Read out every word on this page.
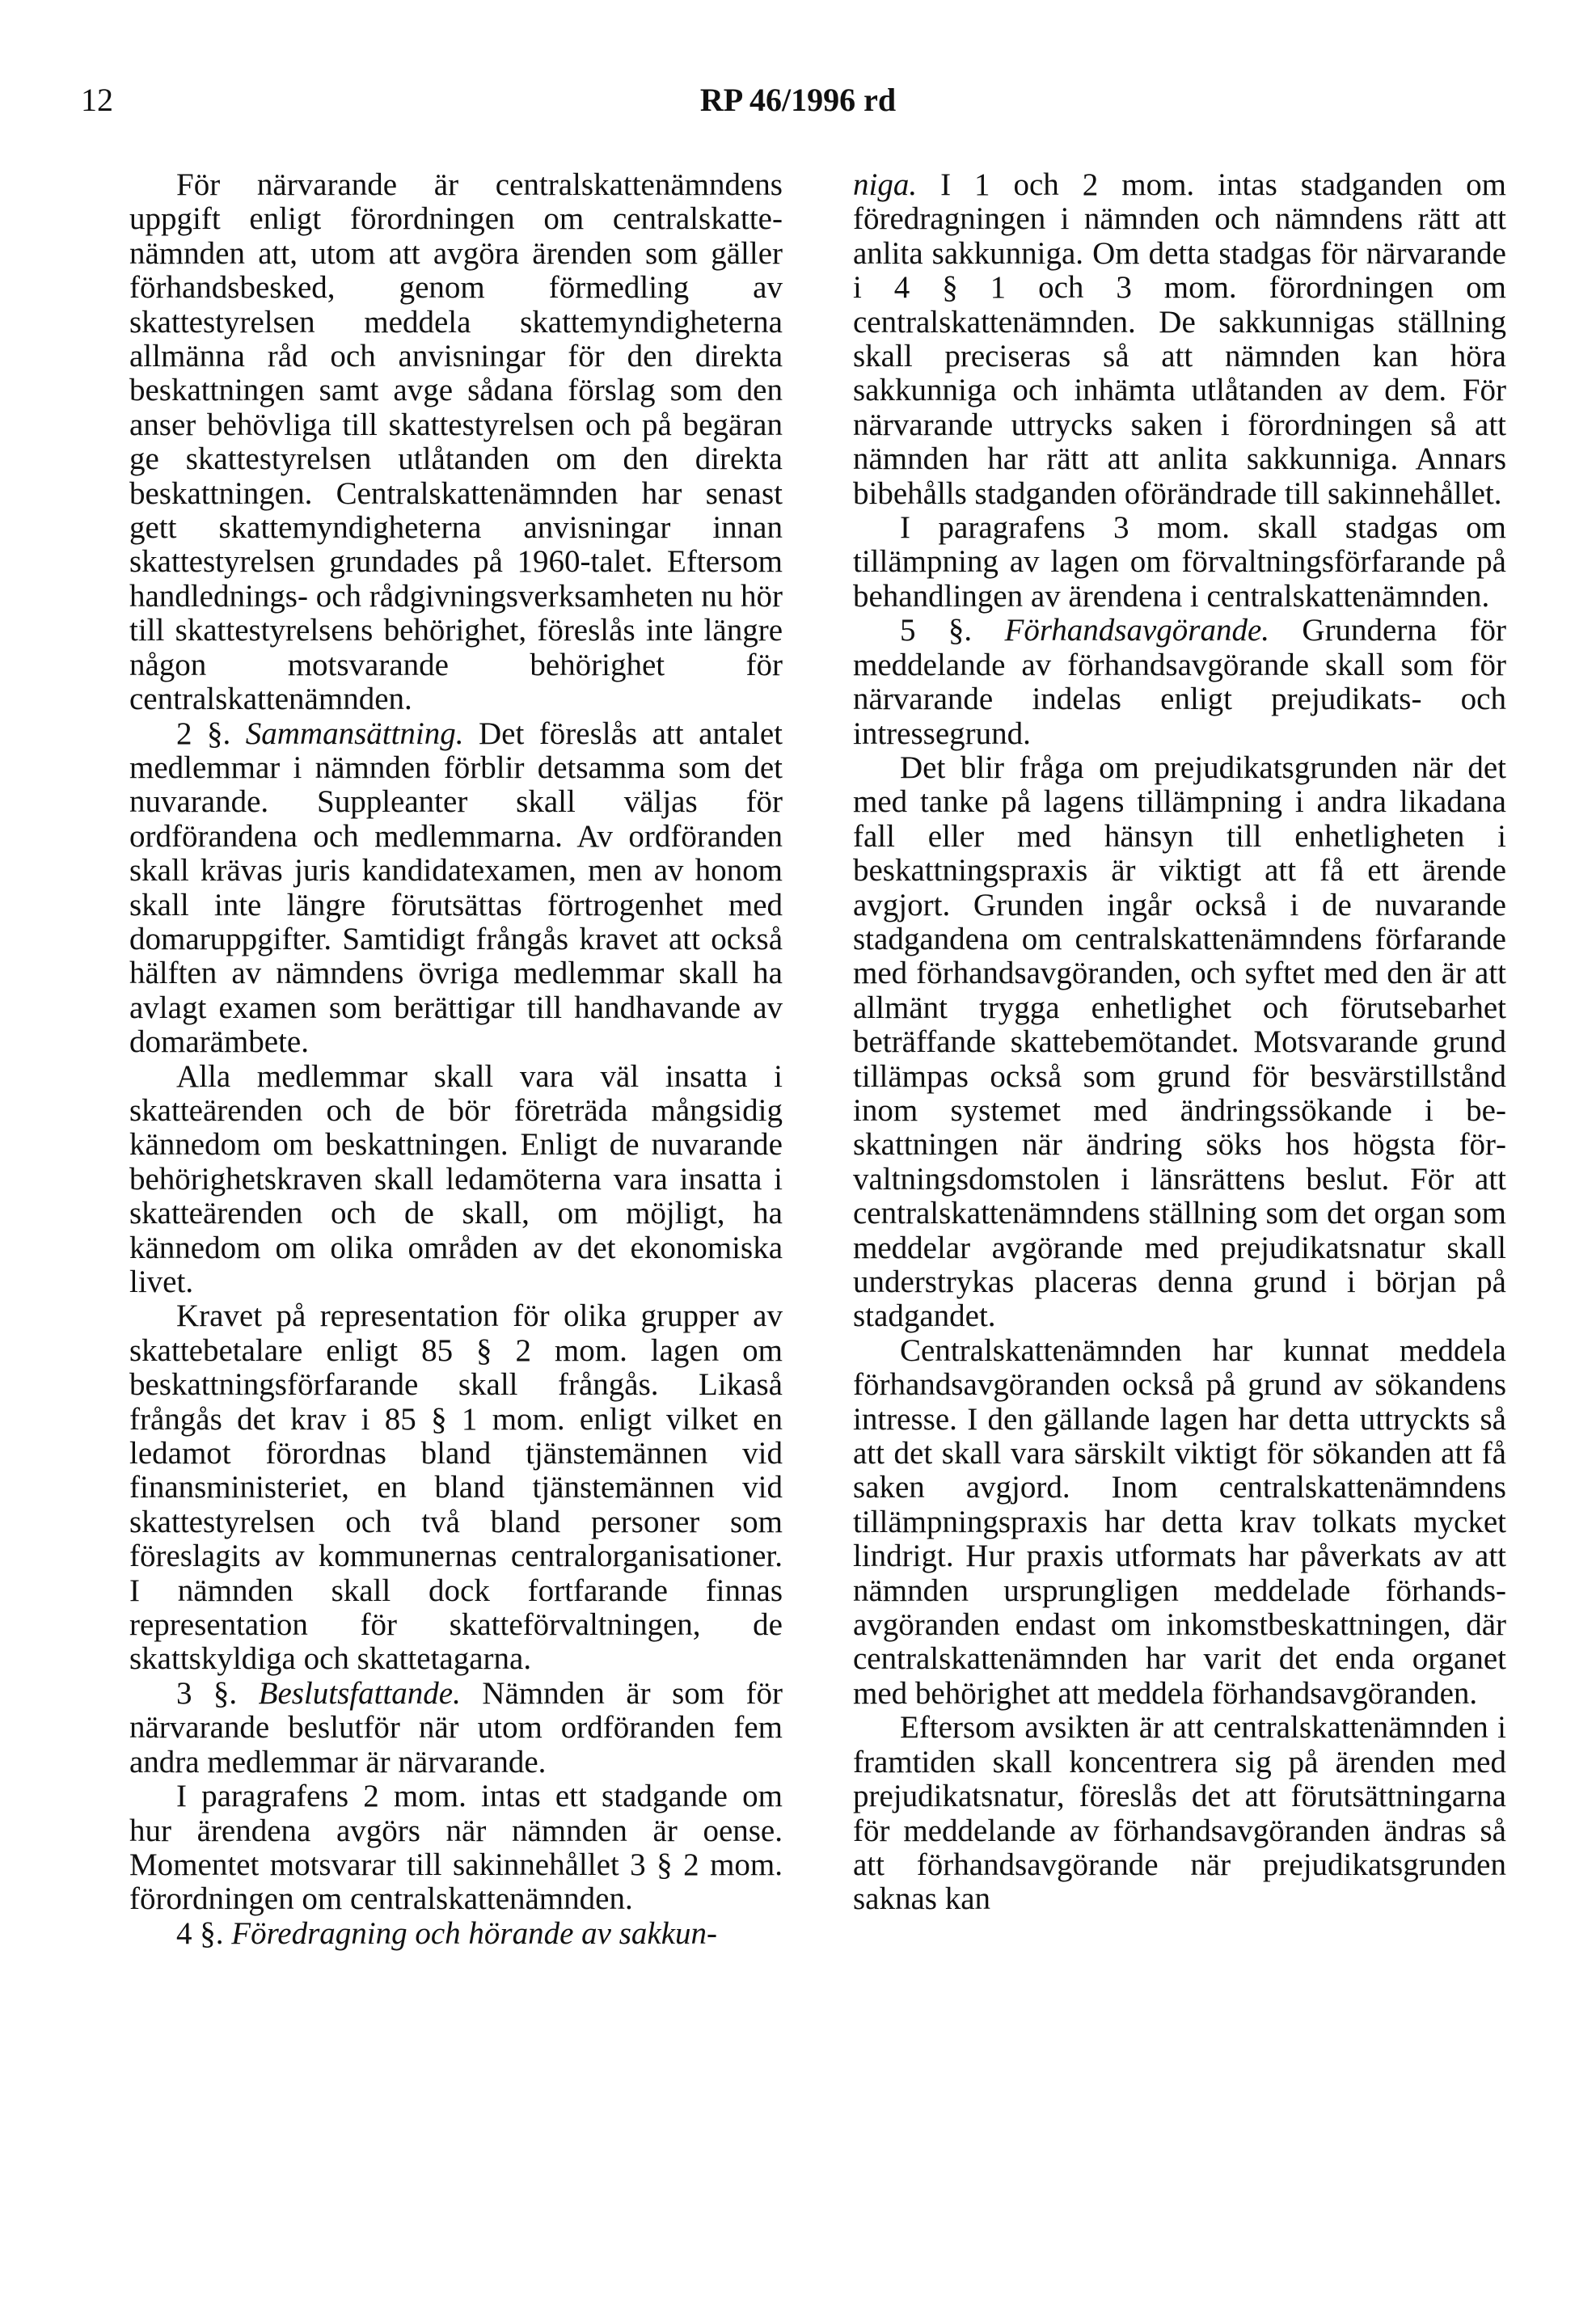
12	RP 46/1996 rd

För närvarande är centralskattenämndens uppgift enligt förordningen om centralskattenämnden att, utom att avgöra ärenden som gäller förhandsbesked, genom förmedling av skattestyrelsen meddela skattemyndigheterna allmänna råd och anvisningar för den direkta beskattningen samt avge sådana förslag som den anser behövliga till skattestyrelsen och på begäran ge skattestyrelsen utlåtanden om den direkta beskattningen. Centralskattenämnden har senast gett skattemyndigheterna anvisningar innan skattestyrelsen grundades på 1960-talet. Eftersom handlednings- och rådgivningsverksamheten nu hör till skattestyrelsens behörighet, föreslås inte längre någon motsvarande behörighet för centralskattenämnden.

2 §. Sammansättning. Det föreslås att antalet medlemmar i nämnden förblir detsamma som det nuvarande. Suppleanter skall väljas för ordförandena och medlemmarna. Av ordföranden skall krävas juris kandidatexamen, men av honom skall inte längre förutsättas förtrogenhet med domaruppgifter. Samtidigt frångås kravet att också hälften av nämndens övriga medlemmar skall ha avlagt examen som berättigar till handhavande av domarämbete.

Alla medlemmar skall vara väl insatta i skatteärenden och de bör företräda mångsidig kännedom om beskattningen. Enligt de nuvarande behörighetskraven skall ledamöterna vara insatta i skatteärenden och de skall, om möjligt, ha kännedom om olika områden av det ekonomiska livet.

Kravet på representation för olika grupper av skattebetalare enligt 85 § 2 mom. lagen om beskattningsförfarande skall frångås. Likaså frångås det krav i 85 § 1 mom. enligt vilket en ledamot förordnas bland tjänstemännen vid finansministeriet, en bland tjänstemännen vid skattestyrelsen och två bland personer som föreslagits av kommunernas centralorganisationer. I nämnden skall dock fortfarande finnas representation för skatteförvaltningen, de skattskyldiga och skattetagarna.

3 §. Beslutsfattande. Nämnden är som för närvarande beslutför när utom ordföranden fem andra medlemmar är närvarande.

I paragrafens 2 mom. intas ett stadgande om hur ärendena avgörs när nämnden är oense. Momentet motsvarar till sakinnehållet 3 § 2 mom. förordningen om centralskattenämnden.

4 §. Föredragning och hörande av sakkun-

niga. I 1 och 2 mom. intas stadganden om föredragningen i nämnden och nämndens rätt att anlita sakkunniga. Om detta stadgas för närvarande i 4 § 1 och 3 mom. förordningen om centralskattenämnden. De sakkunnigas ställning skall preciseras så att nämnden kan höra sakkunniga och inhämta utlåtanden av dem. För närvarande uttrycks saken i förordningen så att nämnden har rätt att anlita sakkunniga. Annars bibehålls stadganden oförändrade till sakinnehållet.

I paragrafens 3 mom. skall stadgas om tillämpning av lagen om förvaltningsförfarande på behandlingen av ärendena i centralskattenämnden.

5 §. Förhandsavgörande. Grunderna för meddelande av förhandsavgörande skall som för närvarande indelas enligt prejudikats- och intressegrund.

Det blir fråga om prejudikatsgrunden när det med tanke på lagens tillämpning i andra likadana fall eller med hänsyn till enhetligheten i beskattningspraxis är viktigt att få ett ärende avgjort. Grunden ingår också i de nuvarande stadgandena om centralskattenämndens förfarande med förhandsavgöranden, och syftet med den är att allmänt trygga enhetlighet och förutsebarhet beträffande skattebemötandet. Motsvarande grund tillämpas också som grund för besvärstillstånd inom systemet med ändringssökande i beskattningen när ändring söks hos högsta förvaltningsdomstolen i länsrättens beslut. För att centralskattenämndens ställning som det organ som meddelar avgörande med prejudikatsnatur skall understrykas placeras denna grund i början på stadgandet.

Centralskattenämnden har kunnat meddela förhandsavgöranden också på grund av sökandens intresse. I den gällande lagen har detta uttryckts så att det skall vara särskilt viktigt för sökanden att få saken avgjord. Inom centralskattenämndens tillämpningspraxis har detta krav tolkats mycket lindrigt. Hur praxis utformats har påverkats av att nämnden ursprungligen meddelade förhandsavgöranden endast om inkomstbeskattningen, där centralskattenämnden har varit det enda organet med behörighet att meddela förhandsavgöranden.

Eftersom avsikten är att centralskattenämnden i framtiden skall koncentrera sig på ärenden med prejudikatsnatur, föreslås det att förutsättningarna för meddelande av förhandsavgöranden ändras så att förhandsavgörande när prejudikatsgrunden saknas kan
